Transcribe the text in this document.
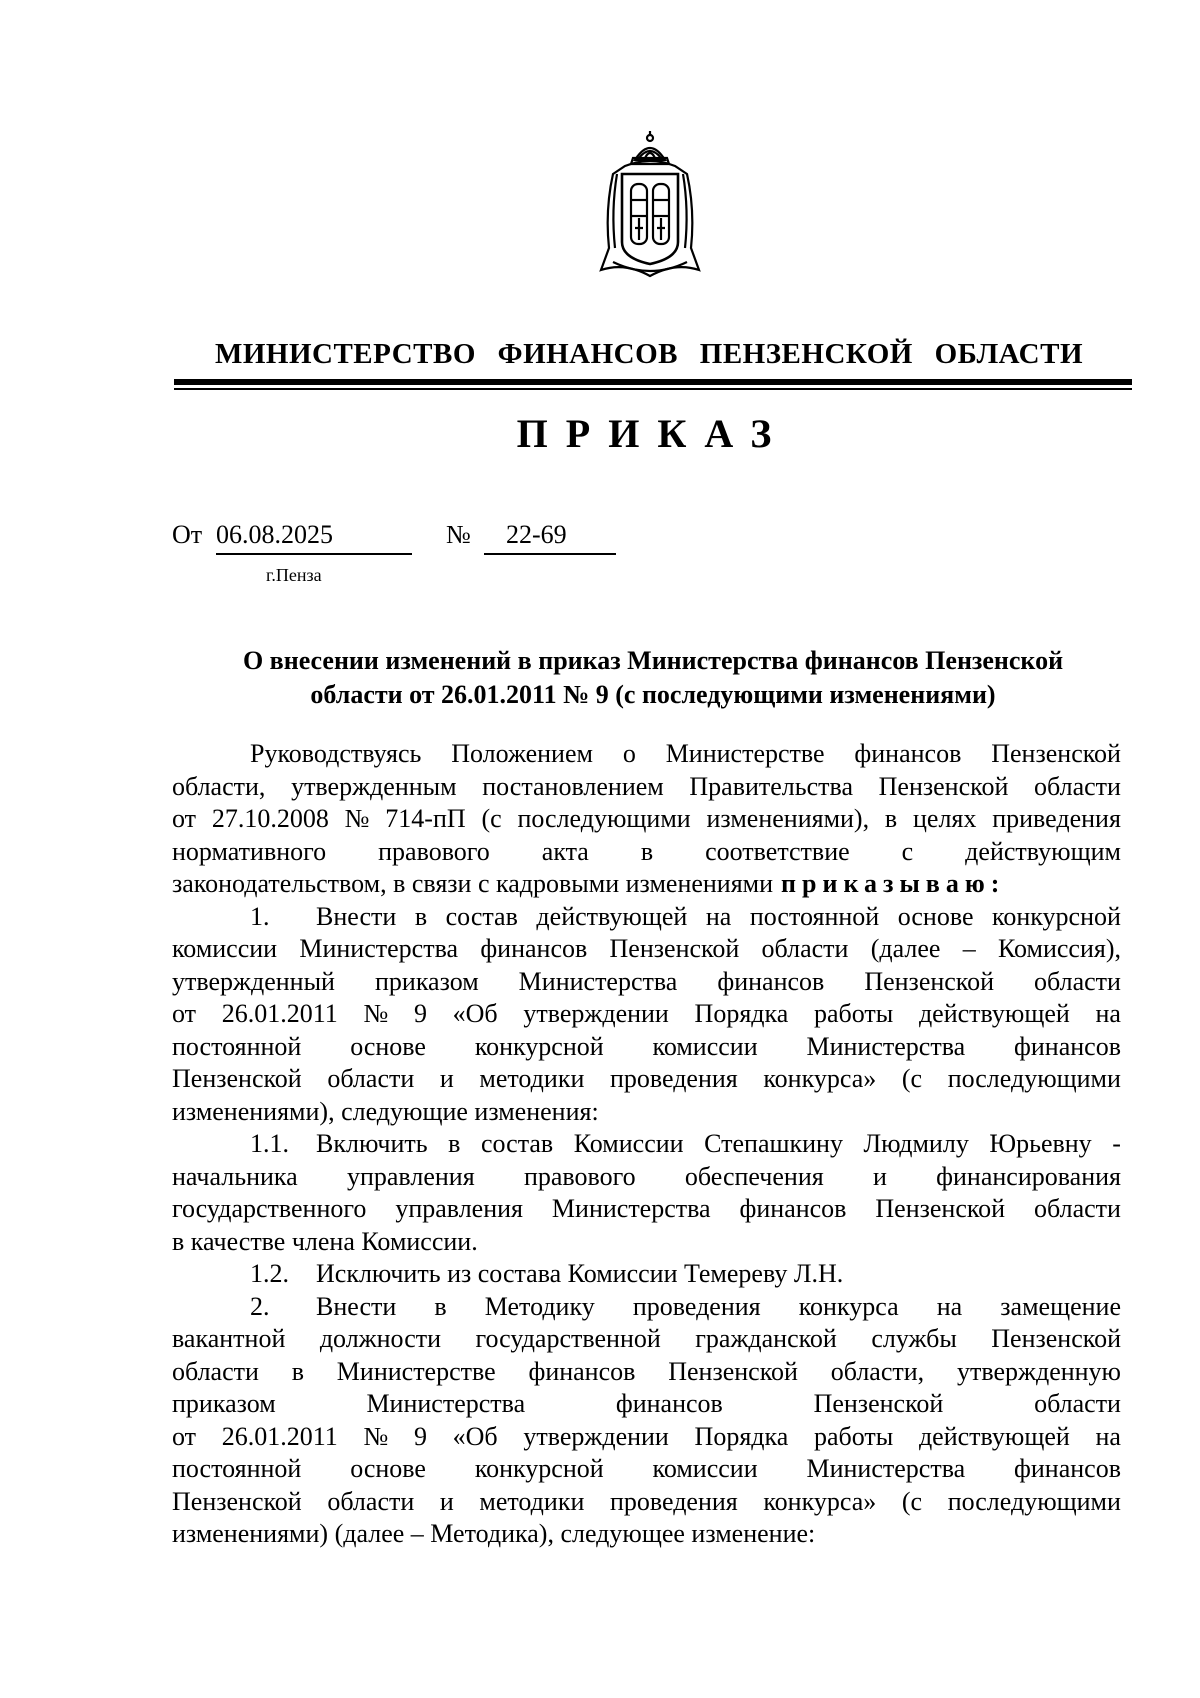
МИНИСТЕРСТВО ФИНАНСОВ ПЕНЗЕНСКОЙ ОБЛАСТИ
ПРИКАЗ
От 06.08.2025	№	22-69
г.Пенза
О внесении изменений в приказ Министерства финансов Пензенской
области от 26.01.2011 № 9 (с последующими изменениями)
Руководствуясь Положением о Министерстве финансов Пензенской
области, утвержденным постановлением Правительства Пензенской области
от 27.10.2008 № 714-пП (с последующими изменениями), в целях приведения
нормативного правового акта в соответствие с действующим
законодательством, в связи с кадровыми изменениями приказываю:
1.	Внести в состав действующей на постоянной основе конкурсной
комиссии Министерства финансов Пензенской области (далее – Комиссия),
утвержденный приказом Министерства финансов Пензенской области
от 26.01.2011 № 9 «Об утверждении Порядка работы действующей на
постоянной основе конкурсной комиссии Министерства финансов
Пензенской области и методики проведения конкурса» (с последующими
изменениями), следующие изменения:
1.1.	Включить в состав Комиссии Степашкину Людмилу Юрьевну -
начальника управления правового обеспечения и финансирования
государственного управления Министерства финансов Пензенской области
в качестве члена Комиссии.
1.2.	Исключить из состава Комиссии Темереву Л.Н.
2.	Внести в Методику проведения конкурса на замещение
вакантной должности государственной гражданской службы Пензенской
области в Министерстве финансов Пензенской области, утвержденную
приказом	Министерства	финансов	Пензенской	области
от 26.01.2011 № 9 «Об утверждении Порядка работы действующей на
постоянной основе конкурсной комиссии Министерства финансов
Пензенской области и методики проведения конкурса» (с последующими
изменениями) (далее – Методика), следующее изменение:
